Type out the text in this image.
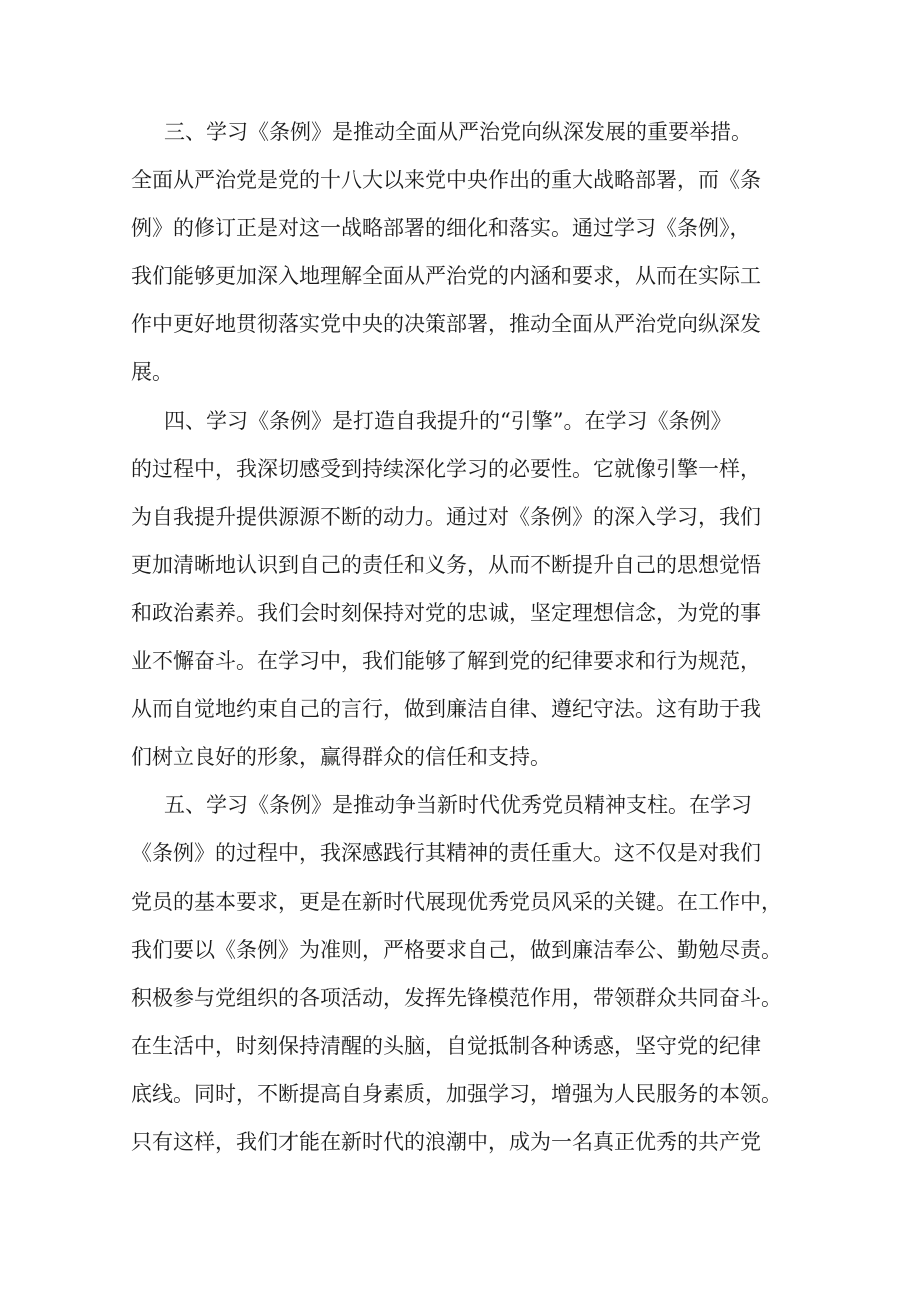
三、学习《条例》是推动全面从严治党向纵深发展的重要举措。
全面从严治党是党的十八大以来党中央作出的重大战略部署，而《条
例》的修订正是对这一战略部署的细化和落实。通过学习《条例》，
我们能够更加深入地理解全面从严治党的内涵和要求，从而在实际工
作中更好地贯彻落实党中央的决策部署，推动全面从严治党向纵深发
展。
四、学习《条例》是打造自我提升的“引擎”。在学习《条例》
的过程中，我深切感受到持续深化学习的必要性。它就像引擎一样，
为自我提升提供源源不断的动力。通过对《条例》的深入学习，我们
更加清晰地认识到自己的责任和义务，从而不断提升自己的思想觉悟
和政治素养。我们会时刻保持对党的忠诚，坚定理想信念，为党的事
业不懈奋斗。在学习中，我们能够了解到党的纪律要求和行为规范，
从而自觉地约束自己的言行，做到廉洁自律、遵纪守法。这有助于我
们树立良好的形象，赢得群众的信任和支持。
五、学习《条例》是推动争当新时代优秀党员精神支柱。在学习
《条例》的过程中，我深感践行其精神的责任重大。这不仅是对我们
党员的基本要求，更是在新时代展现优秀党员风采的关键。在工作中，
我们要以《条例》为准则，严格要求自己，做到廉洁奉公、勤勉尽责。
积极参与党组织的各项活动，发挥先锋模范作用，带领群众共同奋斗。
在生活中，时刻保持清醒的头脑，自觉抵制各种诱惑，坚守党的纪律
底线。同时，不断提高自身素质，加强学习，增强为人民服务的本领。
只有这样，我们才能在新时代的浪潮中，成为一名真正优秀的共产党
